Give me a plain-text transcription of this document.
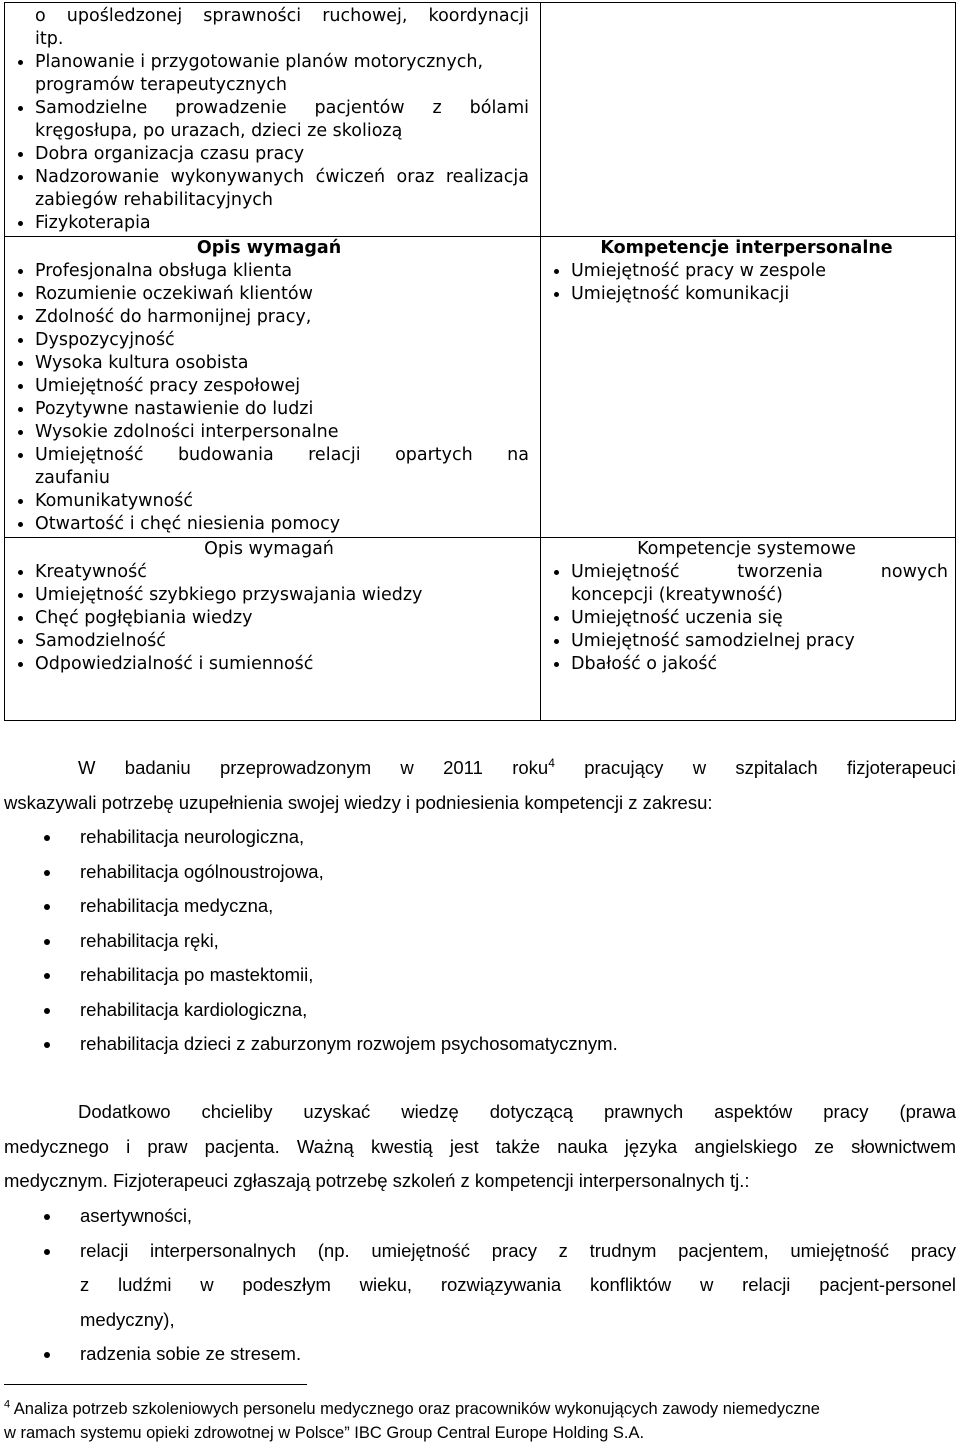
o upośledzonej sprawności ruchowej, koordynacji
itp.
Planowanie i przygotowanie planów motorycznych, programów terapeutycznych
Samodzielne prowadzenie pacjentów z bólami kręgosłupa, po urazach, dzieci ze skoliozą
Dobra organizacja czasu pracy
Nadzorowanie wykonywanych ćwiczeń oraz realizacja zabiegów rehabilitacyjnych
Fizykoterapia
Opis wymagań
Profesjonalna obsługa klienta
Rozumienie oczekiwań klientów
Zdolność do harmonijnej pracy,
Dyspozycyjność
Wysoka kultura osobista
Umiejętność pracy zespołowej
Pozytywne nastawienie do ludzi
Wysokie zdolności interpersonalne
Umiejętność budowania relacji opartych na
zaufaniu
Komunikatywność
Otwartość i chęć niesienia pomocy
Kompetencje interpersonalne
Umiejętność pracy w zespole
Umiejętność komunikacji
Opis wymagań
Kreatywność
Umiejętność szybkiego przyswajania wiedzy
Chęć pogłębiania wiedzy
Samodzielność
Odpowiedzialność i sumienność
Kompetencje systemowe
Umiejętność tworzenia nowych
koncepcji (kreatywność)
Umiejętność uczenia się
Umiejętność samodzielnej pracy
Dbałość o jakość
W badaniu przeprowadzonym w 2011 roku$^4$ pracujący w szpitalach fizjoterapeuci
wskazywali potrzebę uzupełnienia swojej wiedzy i podniesienia kompetencji z zakresu:
rehabilitacja neurologiczna,
rehabilitacja ogólnoustrojowa,
rehabilitacja medyczna,
rehabilitacja ręki,
rehabilitacja po mastektomii,
rehabilitacja kardiologiczna,
rehabilitacja dzieci z zaburzonym rozwojem psychosomatycznym.
Dodatkowo chcieliby uzyskać wiedzę dotyczącą prawnych aspektów pracy (prawa
medycznego i praw pacjenta. Ważną kwestią jest także nauka języka angielskiego ze słownictwem
medycznym. Fizjoterapeuci zgłaszają potrzebę szkoleń z kompetencji interpersonalnych tj.:
asertywności,
relacji interpersonalnych (np. umiejętność pracy z trudnym pacjentem, umiejętność pracy
z ludźmi w podeszłym wieku, rozwiązywania konfliktów w relacji pacjent-personel
medyczny),
radzenia sobie ze stresem.
$^4$ Analiza potrzeb szkoleniowych personelu medycznego oraz pracowników wykonujących zawody niemedyczne
w ramach systemu opieki zdrowotnej w Polsce” IBC Group Central Europe Holding S.A.
